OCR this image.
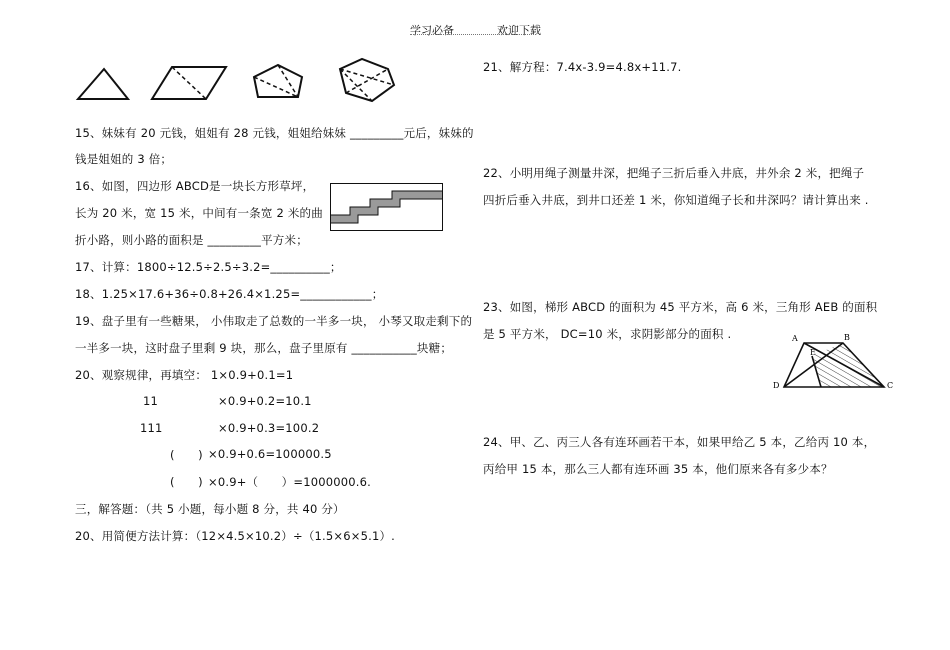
学习必备	欢迎下载
15、妹妹有 20 元钱，姐姐有 28 元钱，姐姐给妹妹 _________元后，妹妹的
钱是姐姐的 3 倍；
16、如图，四边形 ABCD是一块长方形草坪，
长为 20 米，宽 15 米，中间有一条宽 2 米的曲
折小路，则小路的面积是 _________平方米；
17、计算：1800÷12.5÷2.5÷3.2=__________；
18、1.25×17.6+36÷0.8+26.4×1.25=____________；
19、盘子里有一些糖果， 小伟取走了总数的一半多一块， 小琴又取走剩下的
一半多一块，这时盘子里剩 9 块，那么，盘子里原有 ___________块糖；
20、观察规律，再填空： 1×0.9+0.1=1
11	×0.9+0.2=10.1
111	×0.9+0.3=100.2
(　　) ×0.9+0.6=100000.5
(　　) ×0.9+（　　）=1000000.6.
三，解答题：（共 5 小题，每小题 8 分，共 40 分）
20、用简便方法计算：（12×4.5×10.2）÷（1.5×6×5.1）.
21、解方程：7.4x-3.9=4.8x+11.7.
22、小明用绳子测量井深，把绳子三折后垂入井底，井外余 2 米，把绳子
四折后垂入井底，到井口还差 1 米，你知道绳子长和井深吗？请计算出来 .
23、如图，梯形 ABCD 的面积为 45 平方米，高 6 米，三角形 AEB 的面积
是 5 平方米， DC=10 米，求阴影部分的面积 .	A	B
E
D	C
24、甲、乙、丙三人各有连环画若干本，如果甲给乙 5 本，乙给丙 10 本，
丙给甲 15 本，那么三人都有连环画 35 本，他们原来各有多少本？
